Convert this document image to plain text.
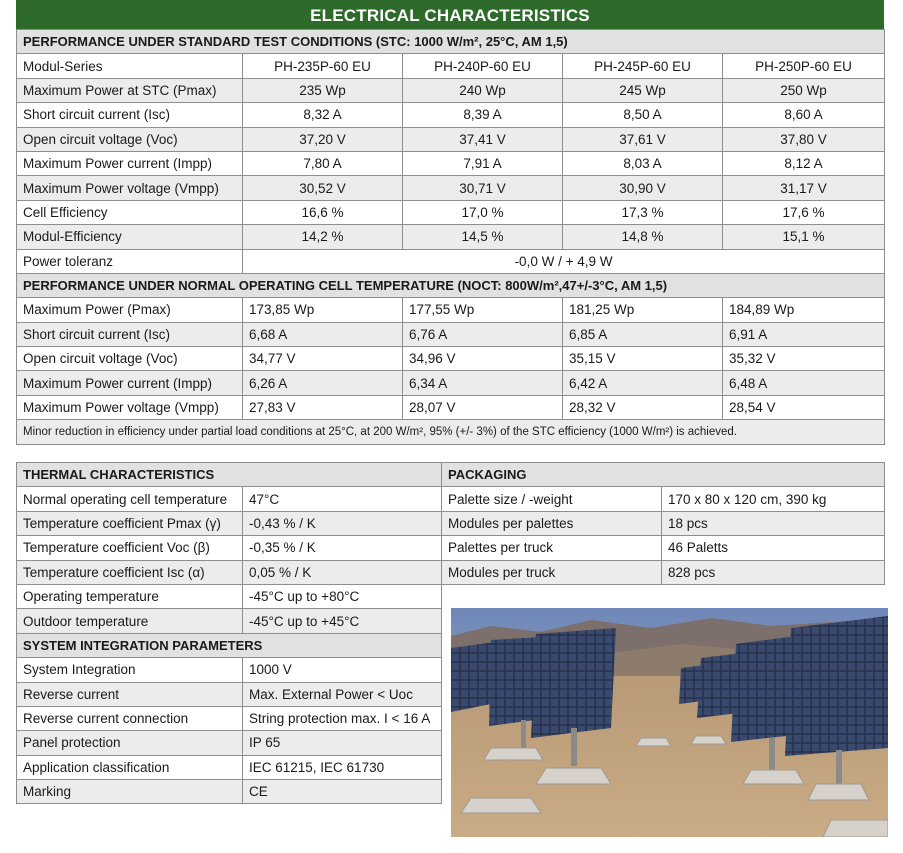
ELECTRICAL CHARACTERISTICS
PERFORMANCE UNDER STANDARD TEST CONDITIONS (STC: 1000 W/m², 25°C, AM 1,5)				
Modul-Series	PH-235P-60 EU	PH-240P-60 EU	PH-245P-60 EU	PH-250P-60 EU
Maximum Power at STC (Pmax)	235 Wp	240 Wp	245 Wp	250 Wp
Short circuit current (Isc)	8,32 A	8,39 A	8,50 A	8,60 A
Open circuit voltage (Voc)	37,20 V	37,41 V	37,61 V	37,80 V
Maximum Power current (Impp)	7,80 A	7,91 A	8,03 A	8,12 A
Maximum Power voltage (Vmpp)	30,52 V	30,71 V	30,90 V	31,17 V
Cell Efficiency	16,6 %	17,0 %	17,3 %	17,6 %
Modul-Efficiency	14,2 %	14,5 %	14,8 %	15,1 %
Power toleranz	-0,0 W / + 4,9 W			
PERFORMANCE UNDER NORMAL OPERATING CELL TEMPERATURE (NOCT: 800W/m²,47+/-3°C, AM 1,5)				
Maximum Power (Pmax)	173,85 Wp	177,55 Wp	181,25 Wp	184,89 Wp
Short circuit current (Isc)	6,68 A	6,76 A	6,85 A	6,91 A
Open circuit voltage (Voc)	34,77 V	34,96 V	35,15 V	35,32 V
Maximum Power current (Impp)	6,26 A	6,34 A	6,42 A	6,48 A
Maximum Power voltage (Vmpp)	27,83 V	28,07 V	28,32 V	28,54 V
Minor reduction in efficiency under partial load conditions at 25°C, at 200 W/m², 95% (+/- 3%) of the STC efficiency (1000 W/m²) is achieved.				
THERMAL CHARACTERISTICS	
Normal operating cell temperature	47°C
Temperature coefficient Pmax (γ)	-0,43 % / K
Temperature coefficient Voc (β)	-0,35 % / K
Temperature coefficient Isc (α)	0,05 % / K
Operating temperature	-45°C up to +80°C
Outdoor temperature	-45°C up to +45°C
SYSTEM INTEGRATION PARAMETERS	
System Integration	1000 V
Reverse current	Max. External Power < Uoc
Reverse current connection	String protection max. I < 16 A
Panel protection	IP 65
Application classification	IEC 61215, IEC 61730
Marking	CE
PACKAGING	
Palette size / -weight	170 x 80 x 120 cm, 390 kg
Modules per palettes	18 pcs
Palettes per truck	46 Paletts
Modules per truck	828 pcs
